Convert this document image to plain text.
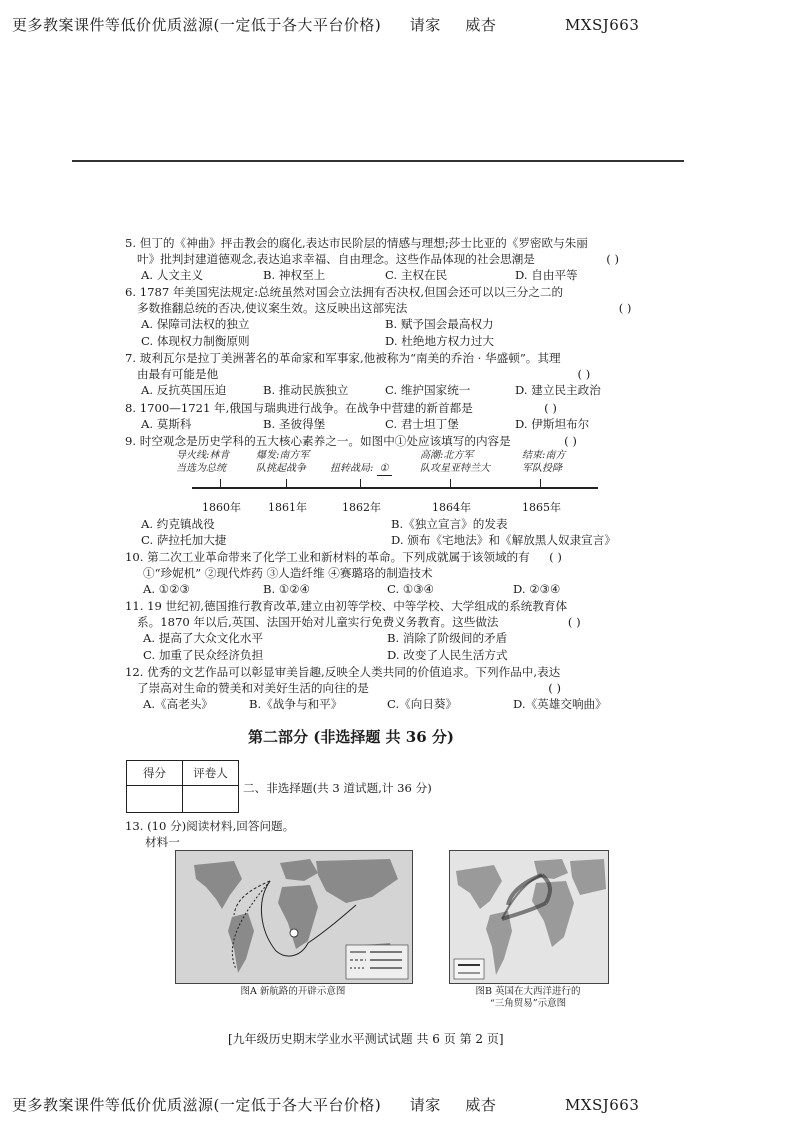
更多教案课件等低价优质滋源(一定低于各大平台价格) 请家 威杏	MXSJ663
5. 但丁的《神曲》抨击教会的腐化,表达市民阶层的情感与理想;莎士比亚的《罗密欧与朱丽
叶》批判封建道德观念,表达追求幸福、自由理念。这些作品体现的社会思潮是	( )
A. 人文主义	B. 神权至上	C. 主权在民	D. 自由平等
6. 1787 年美国宪法规定:总统虽然对国会立法拥有否决权,但国会还可以以三分之二的
多数推翻总统的否决,使议案生效。这反映出这部宪法	( )
A. 保障司法权的独立	B. 赋予国会最高权力
C. 体现权力制衡原则	D. 杜绝地方权力过大
7. 玻利瓦尔是拉丁美洲著名的革命家和军事家,他被称为“南美的乔治 · 华盛顿”。其理
由最有可能是他	( )
A. 反抗英国压迫	B. 推动民族独立	C. 维护国家统一	D. 建立民主政治
8. 1700—1721 年,俄国与瑞典进行战争。在战争中营建的新首都是	( )
A. 莫斯科	B. 圣彼得堡	C. 君士坦丁堡	D. 伊斯坦布尔
9. 时空观念是历史学科的五大核心素养之一。如图中①处应该填写的内容是	( )
导火线:林肯
当选为总统
爆发:南方军
队挑起战争	扭转战局: ①
高潮:北方军
队攻星亚特兰大
结束:南方
军队投降
1860年 1861年	1862年	1864年	1865年
A. 约克镇战役	B.《独立宣言》的发表
C. 萨拉托加大捷	D. 颁布《宅地法》和《解放黑人奴隶宣言》
10. 第二次工业革命带来了化学工业和新材料的革命。下列成就属于该领域的有 ( )
①“珍妮机” ②现代炸药 ③人造纤维 ④赛璐珞的制造技术
A. ①②③	B. ①②④	C. ①③④	D. ②③④
11. 19 世纪初,德国推行教育改革,建立由初等学校、中等学校、大学组成的系统教育体
系。1870 年以后,英国、法国开始对儿童实行免费义务教育。这些做法	( )
A. 提高了大众文化水平	B. 消除了阶级间的矛盾
C. 加重了民众经济负担	D. 改变了人民生活方式
12. 优秀的文艺作品可以彰显审美旨趣,反映全人类共同的价值追求。下列作品中,表达
了崇高对生命的赞美和对美好生活的向往的是	( )
A.《高老头》	B.《战争与和平》	C.《向日葵》	D.《英雄交响曲》
第二部分 (非选择题 共 36 分)
得分	评卷人

二、非选择题(共 3 道试题,计 36 分)
13. (10 分)阅读材料,回答问题。
材料一
图A 新航路的开辟示意图	图B 英国在大西洋进行的
“三角贸易”示意图
[九年级历史期末学业水平测试试题 共 6 页 第 2 页]
更多教案课件等低价优质滋源(一定低于各大平台价格) 请家 威杏	MXSJ663
